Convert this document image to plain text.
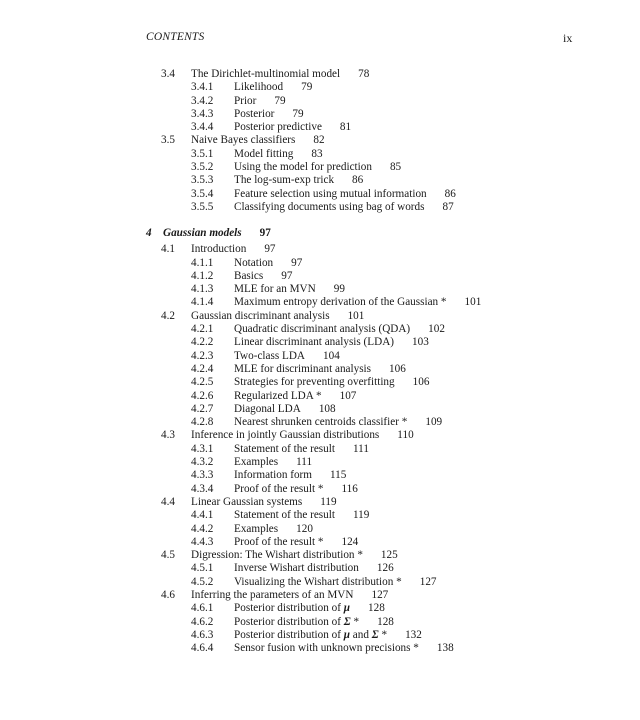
CONTENTS	ix
3.4 The Dirichlet-multinomial model 78
3.4.1 Likelihood 79
3.4.2 Prior 79
3.4.3 Posterior 79
3.4.4 Posterior predictive 81
3.5 Naive Bayes classifiers 82
3.5.1 Model fitting 83
3.5.2 Using the model for prediction 85
3.5.3 The log-sum-exp trick 86
3.5.4 Feature selection using mutual information 86
3.5.5 Classifying documents using bag of words 87
4 Gaussian models 97
4.1 Introduction 97
4.1.1 Notation 97
4.1.2 Basics 97
4.1.3 MLE for an MVN 99
4.1.4 Maximum entropy derivation of the Gaussian * 101
4.2 Gaussian discriminant analysis 101
4.2.1 Quadratic discriminant analysis (QDA) 102
4.2.2 Linear discriminant analysis (LDA) 103
4.2.3 Two-class LDA 104
4.2.4 MLE for discriminant analysis 106
4.2.5 Strategies for preventing overfitting 106
4.2.6 Regularized LDA * 107
4.2.7 Diagonal LDA 108
4.2.8 Nearest shrunken centroids classifier * 109
4.3 Inference in jointly Gaussian distributions 110
4.3.1 Statement of the result 111
4.3.2 Examples 111
4.3.3 Information form 115
4.3.4 Proof of the result * 116
4.4 Linear Gaussian systems 119
4.4.1 Statement of the result 119
4.4.2 Examples 120
4.4.3 Proof of the result * 124
4.5 Digression: The Wishart distribution * 125
4.5.1 Inverse Wishart distribution 126
4.5.2 Visualizing the Wishart distribution * 127
4.6 Inferring the parameters of an MVN 127
4.6.1 Posterior distribution of μ 128
4.6.2 Posterior distribution of Σ * 128
4.6.3 Posterior distribution of μ and Σ * 132
4.6.4 Sensor fusion with unknown precisions * 138
